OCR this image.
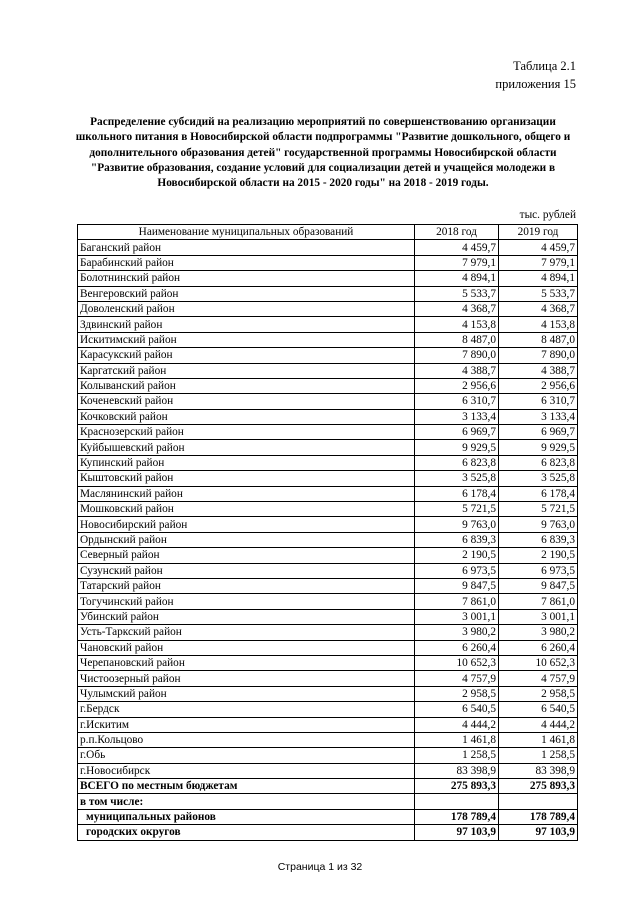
Таблица 2.1
приложения 15
Распределение субсидий на реализацию мероприятий по совершенствованию организации школьного питания в Новосибирской области подпрограммы "Развитие дошкольного, общего и дополнительного образования детей" государственной программы Новосибирской области "Развитие образования, создание условий для социализации детей и учащейся молодежи в Новосибирской области на 2015 - 2020 годы" на 2018 - 2019 годы.
тыс. рублей
Наименование муниципальных образований	2018 год	2019 год
Баганский район	4 459,7	4 459,7
Барабинский район	7 979,1	7 979,1
Болотнинский район	4 894,1	4 894,1
Венгеровский район	5 533,7	5 533,7
Доволенский район	4 368,7	4 368,7
Здвинский район	4 153,8	4 153,8
Искитимский район	8 487,0	8 487,0
Карасукский район	7 890,0	7 890,0
Каргатский район	4 388,7	4 388,7
Колыванский район	2 956,6	2 956,6
Коченевский район	6 310,7	6 310,7
Кочковский район	3 133,4	3 133,4
Краснозерский район	6 969,7	6 969,7
Куйбышевский район	9 929,5	9 929,5
Купинский район	6 823,8	6 823,8
Кыштовский район	3 525,8	3 525,8
Маслянинский район	6 178,4	6 178,4
Мошковский район	5 721,5	5 721,5
Новосибирский район	9 763,0	9 763,0
Ордынский район	6 839,3	6 839,3
Северный район	2 190,5	2 190,5
Сузунский район	6 973,5	6 973,5
Татарский район	9 847,5	9 847,5
Тогучинский район	7 861,0	7 861,0
Убинский район	3 001,1	3 001,1
Усть-Таркский район	3 980,2	3 980,2
Чановский район	6 260,4	6 260,4
Черепановский район	10 652,3	10 652,3
Чистоозерный район	4 757,9	4 757,9
Чулымский район	2 958,5	2 958,5
г.Бердск	6 540,5	6 540,5
г.Искитим	4 444,2	4 444,2
р.п.Кольцово	1 461,8	1 461,8
г.Обь	1 258,5	1 258,5
г.Новосибирск	83 398,9	83 398,9
ВСЕГО по местным бюджетам	275 893,3	275 893,3
в том числе:		
муниципальных районов	178 789,4	178 789,4
городских округов	97 103,9	97 103,9
Страница 1 из 32
